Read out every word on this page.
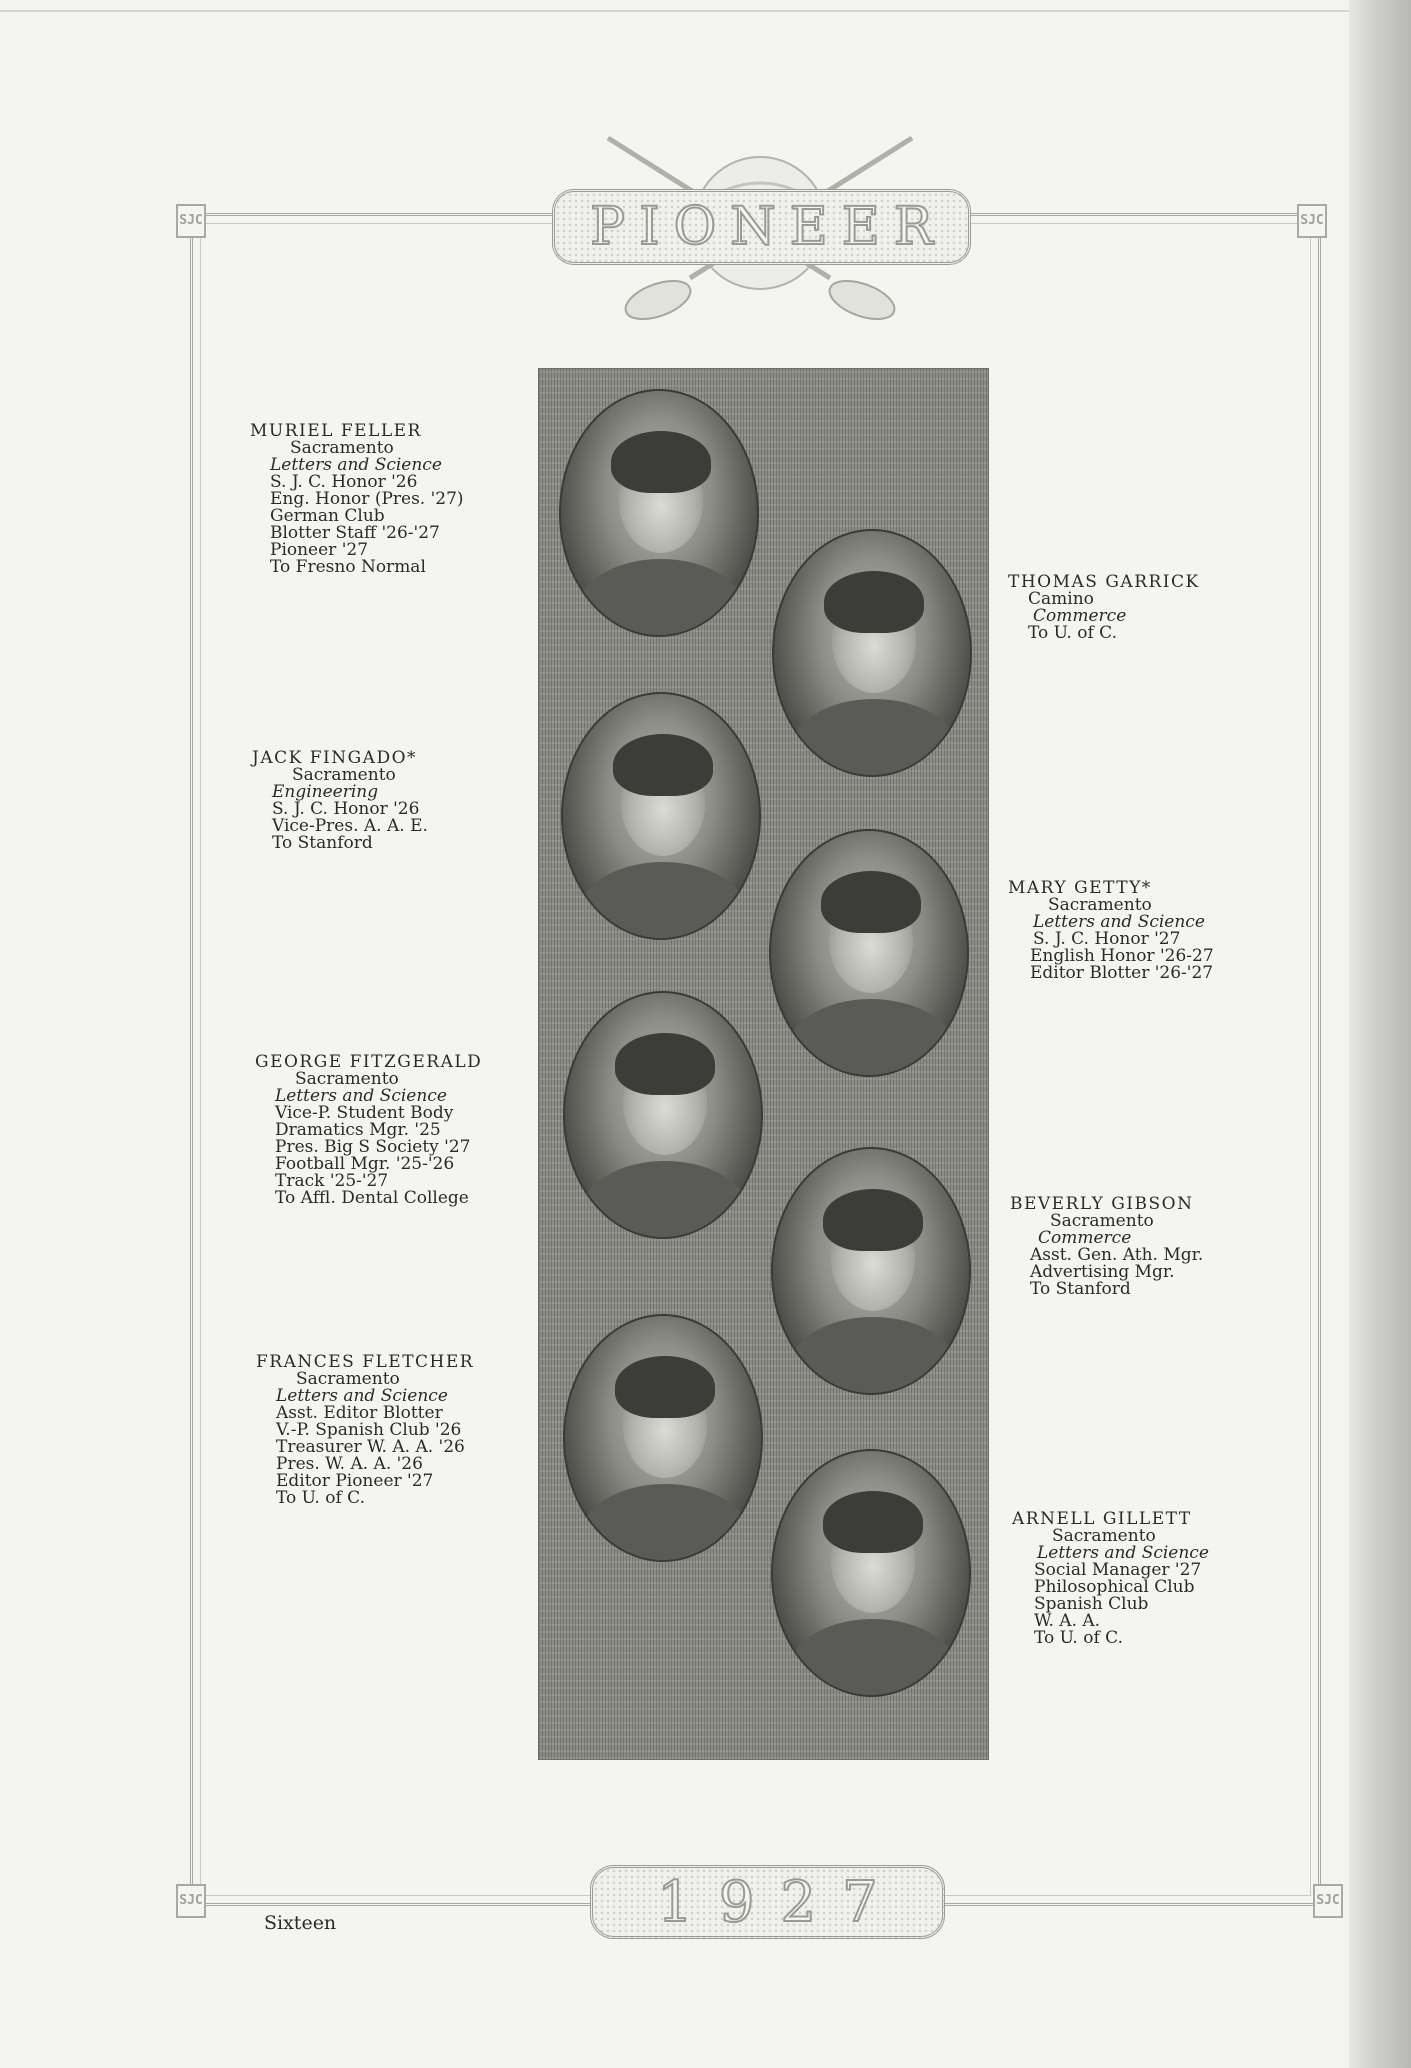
SJC	SJC
SJC	SJC
PIONEER
MURIEL FELLER
Sacramento
Letters and Science
S. J. C. Honor '26
Eng. Honor (Pres. '27)
German Club
Blotter Staff '26-'27
Pioneer '27
To Fresno Normal
JACK FINGADO*
Sacramento
Engineering
S. J. C. Honor '26
Vice-Pres. A. A. E.
To Stanford
GEORGE FITZGERALD
Sacramento
Letters and Science
Vice-P. Student Body
Dramatics Mgr. '25
Pres. Big S Society '27
Football Mgr. '25-'26
Track '25-'27
To Affl. Dental College
FRANCES FLETCHER
Sacramento
Letters and Science
Asst. Editor Blotter
V.-P. Spanish Club '26
Treasurer W. A. A. '26
Pres. W. A. A. '26
Editor Pioneer '27
To U. of C.
THOMAS GARRICK
Camino
Commerce
To U. of C.
MARY GETTY*
Sacramento
Letters and Science
S. J. C. Honor '27
English Honor '26-27
Editor Blotter '26-'27
BEVERLY GIBSON
Sacramento
Commerce
Asst. Gen. Ath. Mgr.
Advertising Mgr.
To Stanford
ARNELL GILLETT
Sacramento
Letters and Science
Social Manager '27
Philosophical Club
Spanish Club
W. A. A.
To U. of C.
1927
Sixteen
